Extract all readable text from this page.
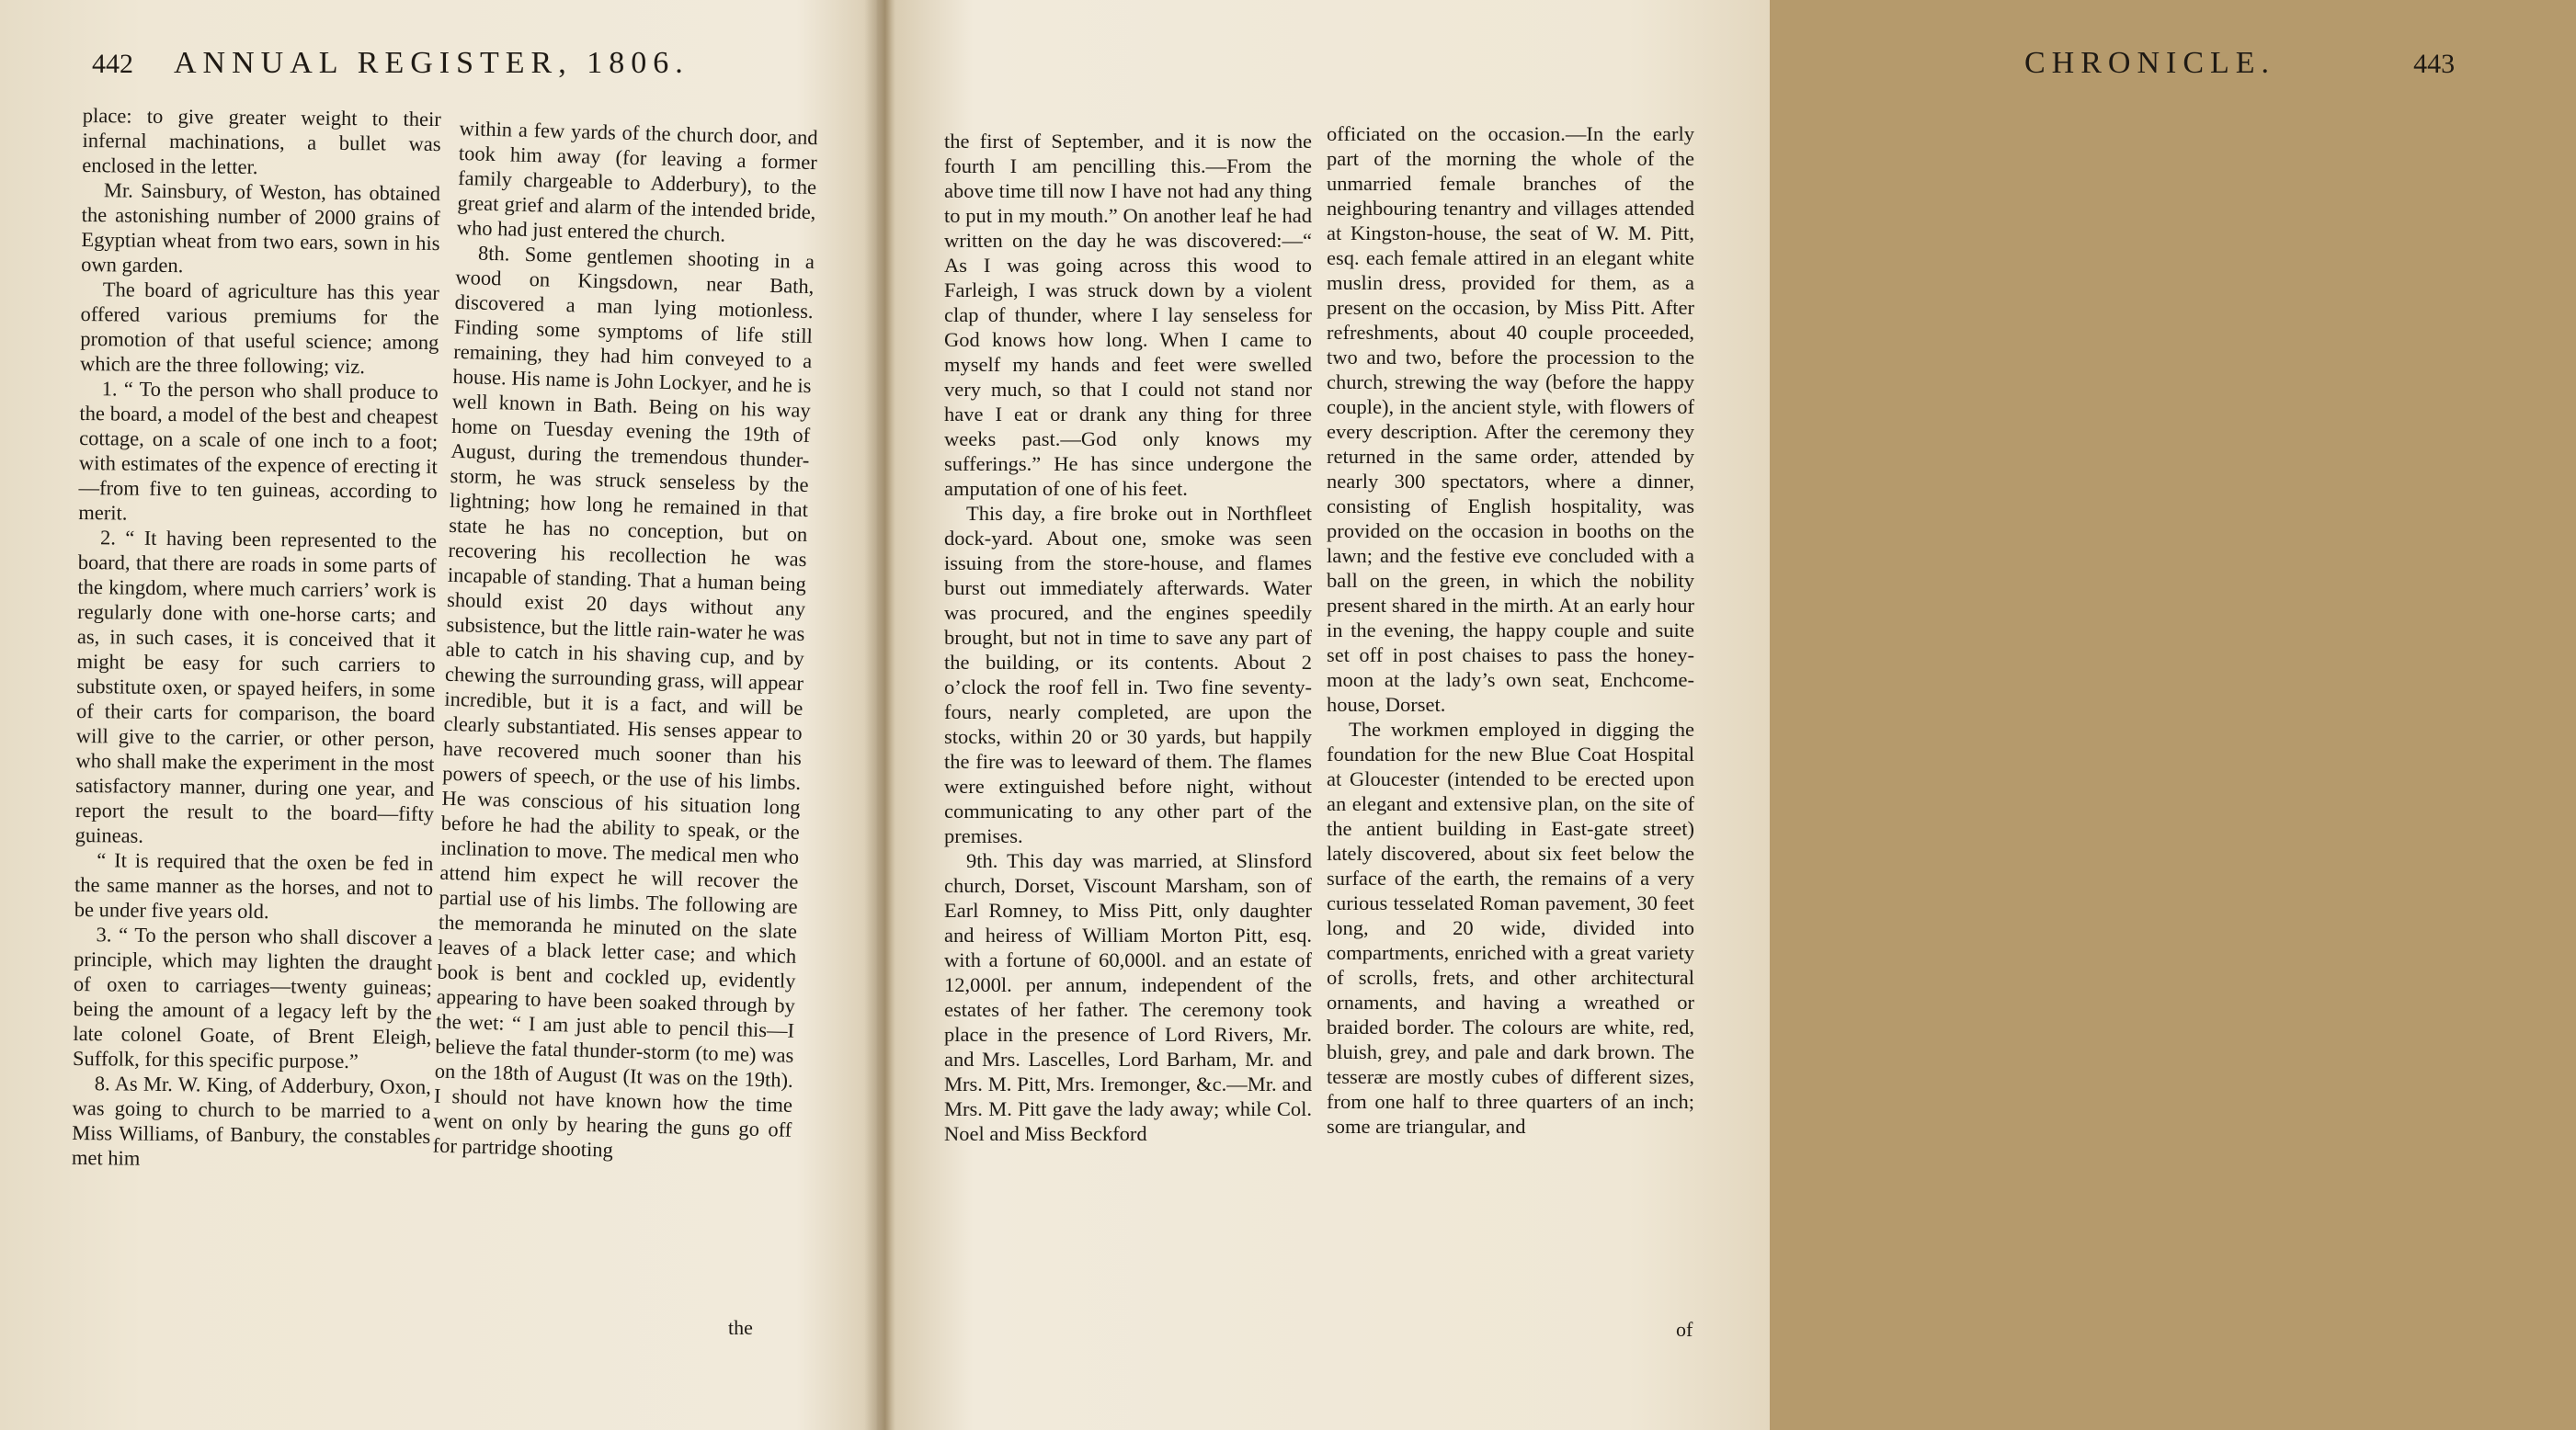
442 ANNUAL REGISTER, 1806.

place: to give greater weight to their infernal machinations, a bullet was enclosed in the letter.

Mr. Sainsbury, of Weston, has obtained the astonishing number of 2000 grains of Egyptian wheat from two ears, sown in his own garden.

The board of agriculture has this year offered various premiums for the promotion of that useful science; among which are the three following; viz.

1. “ To the person who shall produce to the board, a model of the best and cheapest cottage, on a scale of one inch to a foot; with estimates of the expence of erecting it—from five to ten guineas, according to merit.

2. “ It having been represented to the board, that there are roads in some parts of the kingdom, where much carriers’ work is regularly done with one-horse carts; and as, in such cases, it is conceived that it might be easy for such carriers to substitute oxen, or spayed heifers, in some of their carts for comparison, the board will give to the carrier, or other person, who shall make the experiment in the most satisfactory manner, during one year, and report the result to the board—fifty guineas.

“ It is required that the oxen be fed in the same manner as the horses, and not to be under five years old.

3. “ To the person who shall discover a principle, which may lighten the draught of oxen to carriages—twenty guineas; being the amount of a legacy left by the late colonel Goate, of Brent Eleigh, Suffolk, for this specific purpose.”

8. As Mr. W. King, of Adderbury, Oxon, was going to church to be married to a Miss Williams, of Banbury, the constables met him

within a few yards of the church door, and took him away (for leaving a former family chargeable to Adderbury), to the great grief and alarm of the intended bride, who had just entered the church.

8th. Some gentlemen shooting in a wood on Kingsdown, near Bath, discovered a man lying motionless. Finding some symptoms of life still remaining, they had him conveyed to a house. His name is John Lockyer, and he is well known in Bath. Being on his way home on Tuesday evening the 19th of August, during the tremendous thunder-storm, he was struck senseless by the lightning; how long he remained in that state he has no conception, but on recovering his recollection he was incapable of standing. That a human being should exist 20 days without any subsistence, but the little rain-water he was able to catch in his shaving cup, and by chewing the surrounding grass, will appear incredible, but it is a fact, and will be clearly substantiated. His senses appear to have recovered much sooner than his powers of speech, or the use of his limbs. He was conscious of his situation long before he had the ability to speak, or the inclination to move. The medical men who attend him expect he will recover the partial use of his limbs. The following are the memoranda he minuted on the slate leaves of a black letter case; and which book is bent and cockled up, evidently appearing to have been soaked through by the wet: “ I am just able to pencil this—I believe the fatal thunder-storm (to me) was on the 18th of August (It was on the 19th). I should not have known how the time went on only by hearing the guns go off for partridge shooting

the
CHRONICLE.	443

the first of September, and it is now the fourth I am pencilling this.—From the above time till now I have not had any thing to put in my mouth.” On another leaf he had written on the day he was discovered:—“ As I was going across this wood to Farleigh, I was struck down by a violent clap of thunder, where I lay senseless for God knows how long. When I came to myself my hands and feet were swelled very much, so that I could not stand nor have I eat or drank any thing for three weeks past.—God only knows my sufferings.” He has since undergone the amputation of one of his feet.

This day, a fire broke out in Northfleet dock-yard. About one, smoke was seen issuing from the store-house, and flames burst out immediately afterwards. Water was procured, and the engines speedily brought, but not in time to save any part of the building, or its contents. About 2 o’clock the roof fell in. Two fine seventy-fours, nearly completed, are upon the stocks, within 20 or 30 yards, but happily the fire was to leeward of them. The flames were extinguished before night, without communicating to any other part of the premises.

9th. This day was married, at Slinsford church, Dorset, Viscount Marsham, son of Earl Romney, to Miss Pitt, only daughter and heiress of William Morton Pitt, esq. with a fortune of 60,000l. and an estate of 12,000l. per annum, independent of the estates of her father. The ceremony took place in the presence of Lord Rivers, Mr. and Mrs. Lascelles, Lord Barham, Mr. and Mrs. M. Pitt, Mrs. Iremonger, &c.—Mr. and Mrs. M. Pitt gave the lady away; while Col. Noel and Miss Beckford

officiated on the occasion.—In the early part of the morning the whole of the unmarried female branches of the neighbouring tenantry and villages attended at Kingston-house, the seat of W. M. Pitt, esq. each female attired in an elegant white muslin dress, provided for them, as a present on the occasion, by Miss Pitt. After refreshments, about 40 couple proceeded, two and two, before the procession to the church, strewing the way (before the happy couple), in the ancient style, with flowers of every description. After the ceremony they returned in the same order, attended by nearly 300 spectators, where a dinner, consisting of English hospitality, was provided on the occasion in booths on the lawn; and the festive eve concluded with a ball on the green, in which the nobility present shared in the mirth. At an early hour in the evening, the happy couple and suite set off in post chaises to pass the honey-moon at the lady’s own seat, Enchcome-house, Dorset.

The workmen employed in digging the foundation for the new Blue Coat Hospital at Gloucester (intended to be erected upon an elegant and extensive plan, on the site of the antient building in East-gate street) lately discovered, about six feet below the surface of the earth, the remains of a very curious tesselated Roman pavement, 30 feet long, and 20 wide, divided into compartments, enriched with a great variety of scrolls, frets, and other architectural ornaments, and having a wreathed or braided border. The colours are white, red, bluish, grey, and pale and dark brown. The tesseræ are mostly cubes of different sizes, from one half to three quarters of an inch; some are triangular, and

of
